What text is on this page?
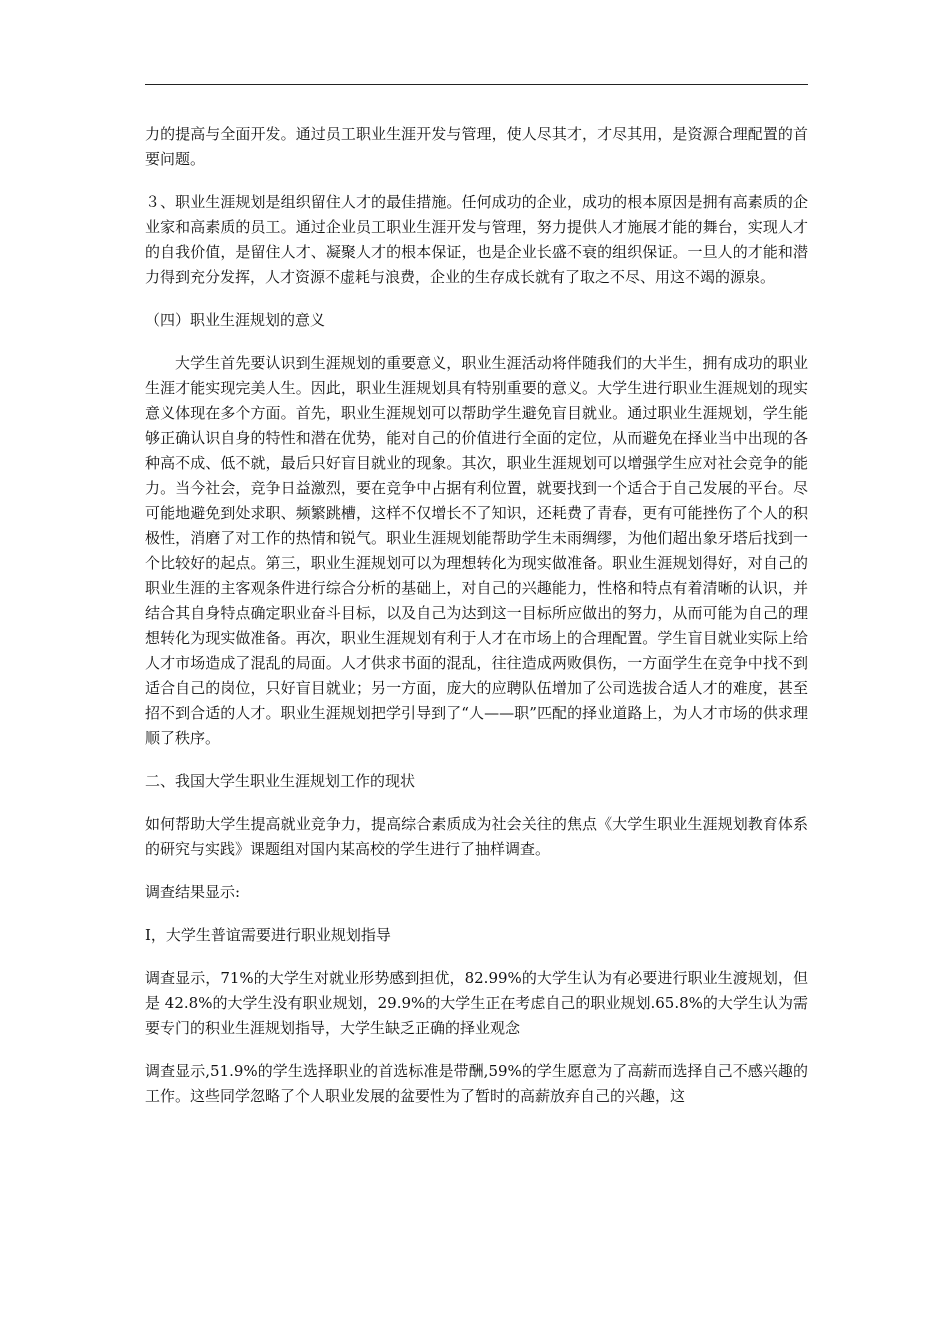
力的提高与全面开发。通过员工职业生涯开发与管理，使人尽其才，才尽其用，是资源合理配置的首要问题。

３、职业生涯规划是组织留住人才的最佳措施。任何成功的企业，成功的根本原因是拥有高素质的企业家和高素质的员工。通过企业员工职业生涯开发与管理，努力提供人才施展才能的舞台，实现人才的自我价值，是留住人才、凝聚人才的根本保证，也是企业长盛不衰的组织保证。一旦人的才能和潜力得到充分发挥，人才资源不虚耗与浪费，企业的生存成长就有了取之不尽、用这不竭的源泉。

（四）职业生涯规划的意义

大学生首先要认识到生涯规划的重要意义，职业生涯活动将伴随我们的大半生，拥有成功的职业生涯才能实现完美人生。因此，职业生涯规划具有特别重要的意义。大学生进行职业生涯规划的现实意义体现在多个方面。首先，职业生涯规划可以帮助学生避免盲目就业。通过职业生涯规划，学生能够正确认识自身的特性和潜在优势，能对自己的价值进行全面的定位，从而避免在择业当中出现的各种高不成、低不就，最后只好盲目就业的现象。其次，职业生涯规划可以增强学生应对社会竞争的能力。当今社会，竞争日益激烈，要在竞争中占据有利位置，就要找到一个适合于自己发展的平台。尽可能地避免到处求职、频繁跳槽，这样不仅增长不了知识，还耗费了青春，更有可能挫伤了个人的积极性，消磨了对工作的热情和锐气。职业生涯规划能帮助学生未雨绸缪，为他们超出象牙塔后找到一个比较好的起点。第三，职业生涯规划可以为理想转化为现实做准备。职业生涯规划得好，对自己的职业生涯的主客观条件进行综合分析的基础上，对自己的兴趣能力，性格和特点有着清晰的认识，并结合其自身特点确定职业奋斗目标，以及自己为达到这一目标所应做出的努力，从而可能为自己的理想转化为现实做准备。再次，职业生涯规划有利于人才在市场上的合理配置。学生盲目就业实际上给人才市场造成了混乱的局面。人才供求书面的混乱，往往造成两败俱伤，一方面学生在竞争中找不到适合自己的岗位，只好盲目就业；另一方面，庞大的应聘队伍增加了公司选拔合适人才的难度，甚至招不到合适的人才。职业生涯规划把学引导到了“人——职”匹配的择业道路上，为人才市场的供求理顺了秩序。

二、我国大学生职业生涯规划工作的现状

如何帮助大学生提高就业竞争力，提高综合素质成为社会关往的焦点《大学生职业生涯规划教育体系的研究与实践》课题组对国内某高校的学生进行了抽样调查。

调查结果显示:

I，大学生普谊需要进行职业规划指导

调查显示，71%的大学生对就业形势感到担优，82.99%的大学生认为有必要进行职业生渡规划，但是 42.8%的大学生没有职业规划，29.9%的大学生正在考虑自己的职业规划.65.8%的大学生认为需要专门的积业生涯规划指导，大学生缺乏正确的择业观念

调查显示,51.9%的学生选择职业的首选标准是带酬,59%的学生愿意为了高薪而选择自己不感兴趣的工作。这些同学忽略了个人职业发展的盆要性为了暂时的高薪放弃自己的兴趣，这
